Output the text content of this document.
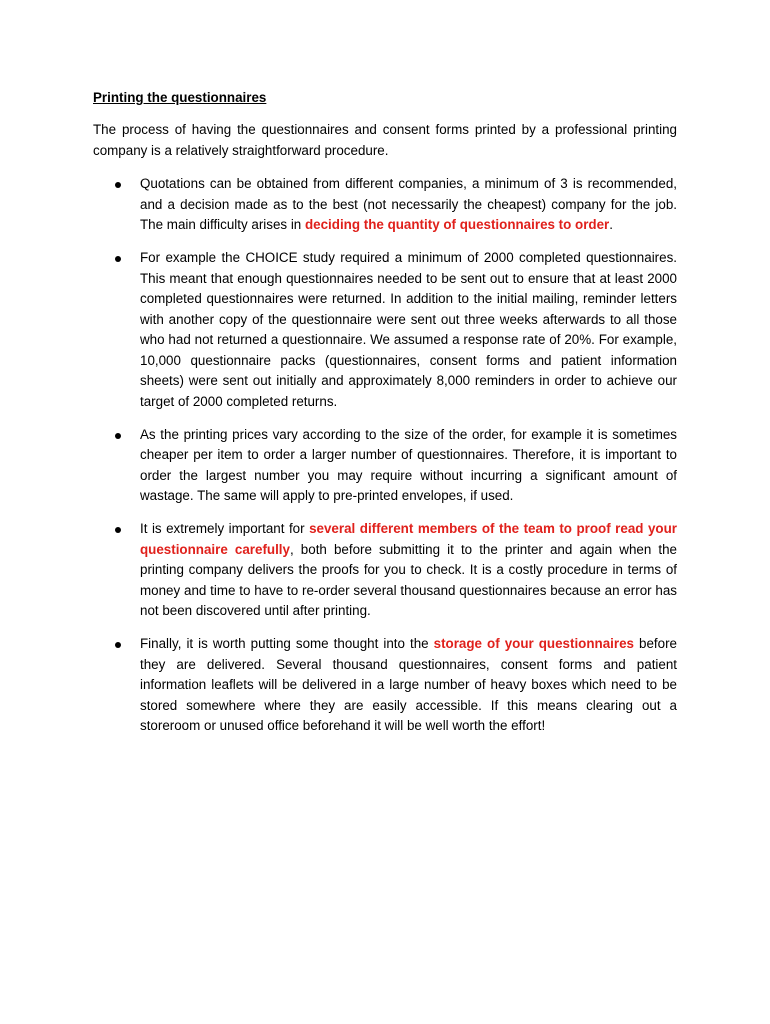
Printing the questionnaires

The process of having the questionnaires and consent forms printed by a professional printing company is a relatively straightforward procedure.

Quotations can be obtained from different companies, a minimum of 3 is recommended, and a decision made as to the best (not necessarily the cheapest) company for the job. The main difficulty arises in deciding the quantity of questionnaires to order.
For example the CHOICE study required a minimum of 2000 completed questionnaires. This meant that enough questionnaires needed to be sent out to ensure that at least 2000 completed questionnaires were returned. In addition to the initial mailing, reminder letters with another copy of the questionnaire were sent out three weeks afterwards to all those who had not returned a questionnaire. We assumed a response rate of 20%. For example, 10,000 questionnaire packs (questionnaires, consent forms and patient information sheets) were sent out initially and approximately 8,000 reminders in order to achieve our target of 2000 completed returns.
As the printing prices vary according to the size of the order, for example it is sometimes cheaper per item to order a larger number of questionnaires. Therefore, it is important to order the largest number you may require without incurring a significant amount of wastage. The same will apply to pre-printed envelopes, if used.
It is extremely important for several different members of the team to proof read your questionnaire carefully, both before submitting it to the printer and again when the printing company delivers the proofs for you to check. It is a costly procedure in terms of money and time to have to re-order several thousand questionnaires because an error has not been discovered until after printing.
Finally, it is worth putting some thought into the storage of your questionnaires before they are delivered. Several thousand questionnaires, consent forms and patient information leaflets will be delivered in a large number of heavy boxes which need to be stored somewhere where they are easily accessible. If this means clearing out a storeroom or unused office beforehand it will be well worth the effort!
